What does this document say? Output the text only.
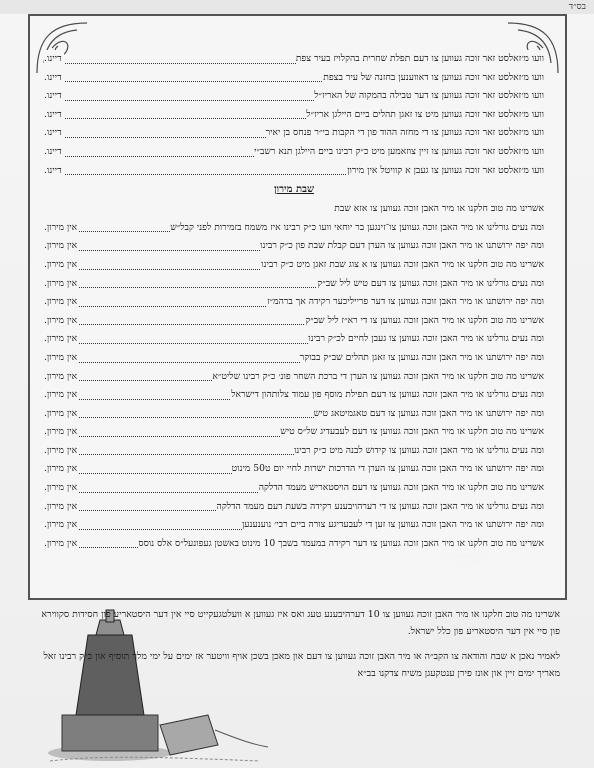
בס״ד
וועו מ׳זאלסט זאר זוכה געווען צו דעם תפלת שחרית בהקלויז בעיר צפת
דיינו.
וועו מ׳זאלסט זאר זוכה געווען צו דאווענען בחזנה של עיר בצפת
דיינו.
וועו מ׳זאלסט זאר זוכה געווען צו דער טבילה בהמקוה של האריז״ל
דיינו.
וועו מ׳זאלסט זאר זוכה געווען מיט צו זאגן תהלים ביים היילגן אריז״ל
דיינו.
וועו מ׳זאלסט זאר זוכה געווען צו די מחזה ההוד פון די הקבות בי״ר פנחס בן יאיר
דיינו.
וועו מ׳זאלסט זאר זוכה געווען צו זיין צוזאמען מיט כ״ק רבינו ביים היילגן תנא רשב״י
דיינו.
וועו מ׳זאלסט זאר זוכה געווען צו געבן א קוויטל אין מירון
דיינו.
שבת מירון
אשרינו מה טוב חלקנו או מיר האבן זוכה געווען צו אזא שבת
ומה נעים גורלינו או מיר האבן זוכה געווען צו־זינגען בר יוחאי וועו כ״ק רבינו איז משמח בזמירות לפני קבל״ש
אין מירון.
ומה יפה ירושתנו או מיר האבן זוכה געווען צו הערן דעם קבלת שבת פון כ״ק רבינו
אין מירון.
אשרינו מה טוב חלקנו או מיר האבן זוכה געווען צו א צוג שבת זאגן מיט כ״ק רבינו
אין מירון.
ומה נעים גורלינו או מיר האבן זוכה געווען צו דעם טיש ליל שב״ק
אין מירון.
ומה יפה ירושתנו או מיר האבן זוכה געווען צו דער פרייליכער רקידה אך ברהמ״ז
אין מירון.
אשרינו מה טוב חלקנו או מיר האבן זוכה געווען צו די רא״ז ליל שב״ק
אין מירון.
ומה נעים גורלינו או מיר האבן זוכה געווען צו געבן לחיים לכ״ק רבינו
אין מירון.
ומה יפה ירושתנו או מיר האבן זוכה געווען צו זאגן תהלים שב״ק בבוקר
אין מירון.
אשרינו מה טוב חלקנו או מיר האבן זוכה געווען צו הערן די ברכת השחר פונ׳ כ״ק רבינו שליט״א
אין מירון.
ומה נעים גורלינו או מיר האבן זוכה געווען צו דעם תפילת מוסף פון עמוד צלותהון דישראל
אין מירון.
ומה יפה ירושתנו או מיר האבן זוכה געווען צו דעם טאגמיטאג טיש
אין מירון.
אשרינו מה טוב חלקנו או מיר האבן זוכה געווען צו דעם לעבעדיג של״ס טיש
אין מירון.
ומה נעים גורלינו או מיר האבן זוכה געווען צו קידוש לבנה מיט כ״ק רבינו
אין מירון.
ומה יפה ירושתנו או מיר האבן זוכה געווען צו הערן די הדרכות ישרות לחיי יום ט50 מינוט
אין מירון.
אשרינו מה טוב חלקנו או מיר האבן זוכה געווען צו דעם הויסטאריש מעמד הדלקה
אין מירון.
ומה נעים גורלינו או מיר האבן זוכה געווען צו די דערהויבענע רקידה בשעת דעם מעמד הדלקה
אין מירון.
ומה יפה ירושתנו או מיר האבן זוכה געווען צו זען די לעבעדיגע צורה ביים רבי׳ נוענענען
אין מירון.
אשרינו מה טוב חלקנו או מיר האבן זוכה געווען צו דער רקידה במעמד בשבך 10 מינוט באשטן געפונעל״ס אלס נוסס
אין מירון.

אשרינו מה טוב חלקנו או מיר האבן זוכה געווען צו 10 דערהיבענע טעג ואס איז געווען א וועלטגעקייט סיי אין דער היסטאריע פון חסידות סקווירא פון סיי אין דער היסטאריע פון כלל ישראל.

לאמיר נאכן א שבח והודאה צו הקב״ה או מיר האבן זוכה געווען צו דעם און מאכן בשכן אויף וויטער אז ימים על ימי מלך תוסיף און כ״ק רבינו זאל מאריך ימים זיין און אונז פירן ענטקעגן משיח צדקנו בב״א
